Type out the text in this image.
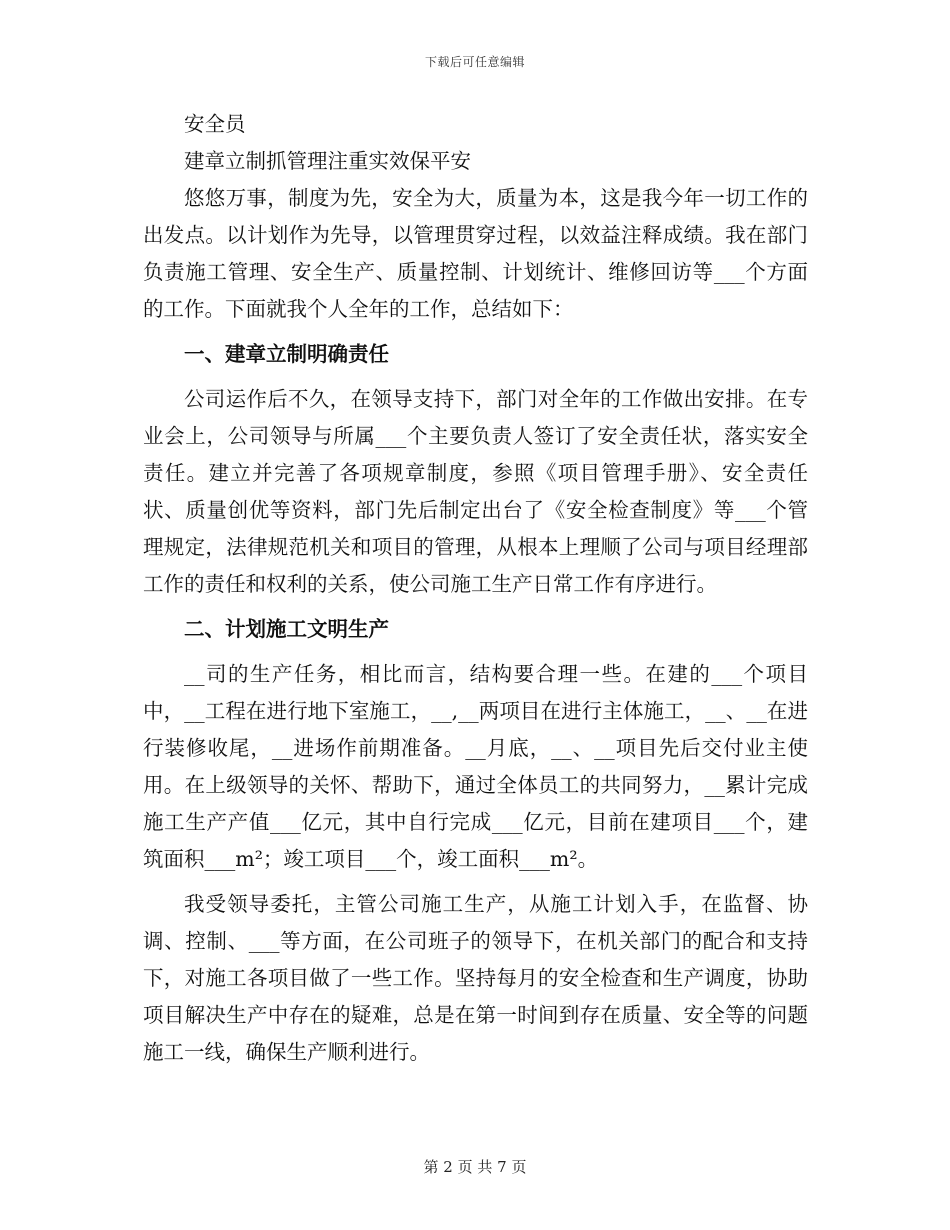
下载后可任意编辑

安全员

建章立制抓管理注重实效保平安

悠悠万事，制度为先，安全为大，质量为本，这是我今年一切工作的出发点。以计划作为先导，以管理贯穿过程，以效益注释成绩。我在部门负责施工管理、安全生产、质量控制、计划统计、维修回访等___个方面的工作。下面就我个人全年的工作，总结如下：

一、建章立制明确责任

公司运作后不久，在领导支持下，部门对全年的工作做出安排。在专业会上，公司领导与所属___个主要负责人签订了安全责任状，落实安全责任。建立并完善了各项规章制度，参照《项目管理手册》、安全责任状、质量创优等资料，部门先后制定出台了《安全检查制度》等___个管理规定，法律规范机关和项目的管理，从根本上理顺了公司与项目经理部工作的责任和权利的关系，使公司施工生产日常工作有序进行。

二、计划施工文明生产

__司的生产任务，相比而言，结构要合理一些。在建的___个项目中，__工程在进行地下室施工，__,__两项目在进行主体施工，__、__在进行装修收尾，__进场作前期准备。__月底，__、__项目先后交付业主使用。在上级领导的关怀、帮助下，通过全体员工的共同努力，__累计完成施工生产产值___亿元，其中自行完成___亿元，目前在建项目___个，建筑面积___m²；竣工项目___个，竣工面积___m²。

我受领导委托，主管公司施工生产，从施工计划入手，在监督、协调、控制、___等方面，在公司班子的领导下，在机关部门的配合和支持下，对施工各项目做了一些工作。坚持每月的安全检查和生产调度，协助项目解决生产中存在的疑难，总是在第一时间到存在质量、安全等的问题施工一线，确保生产顺利进行。

第 2 页 共 7 页
